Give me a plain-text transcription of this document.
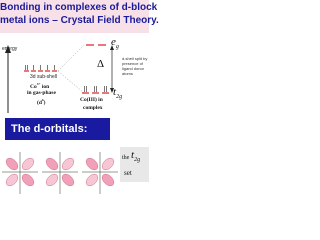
Bonding in complexes of d-block
metal ions – Crystal Field Theory.
energy
3d sub-shell
$Co^{3+}$ ion
in gas-phase
$(d^6)$	Co(III) in
complex
$e_g$
$t_{2g}$
Δ	d-shell split by presence of ligand donor atoms
The d-orbitals:
the $t_{2g}$
set
